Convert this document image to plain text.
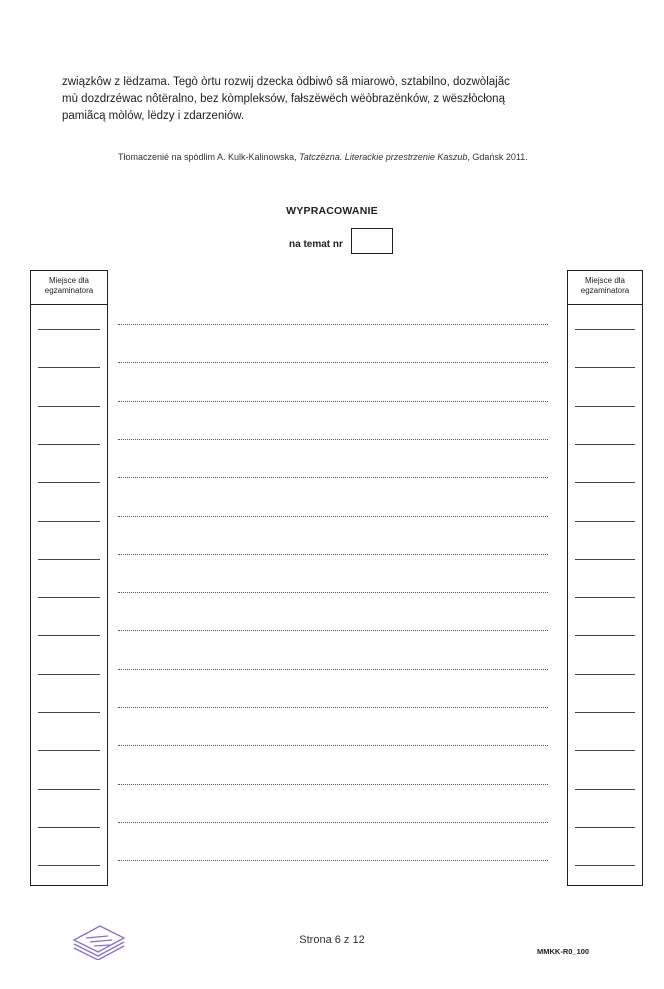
związkôw z lëdzama. Tegò òrtu rozwij dzecka òdbiwô sã miarowò, sztabilno, dozwòlajãc

mù dozdrzéwac nôtëralno, bez kòmpleksów, fałszëwëch wëòbrazënków, z wëszłòcłoną

pamiãcą mòlów, lëdzy i zdarzeniów.

Tłomaczenié na spòdlim A. Kulk-Kalinowska, Tatczëzna. Literackie przestrzenie Kaszub, Gdańsk 2011.
WYPRACOWANIE
na temat nr
Miejsce dla egzaminatora
Miejsce dla egzaminatora
Strona 6 z 12
MMKK-R0_100
